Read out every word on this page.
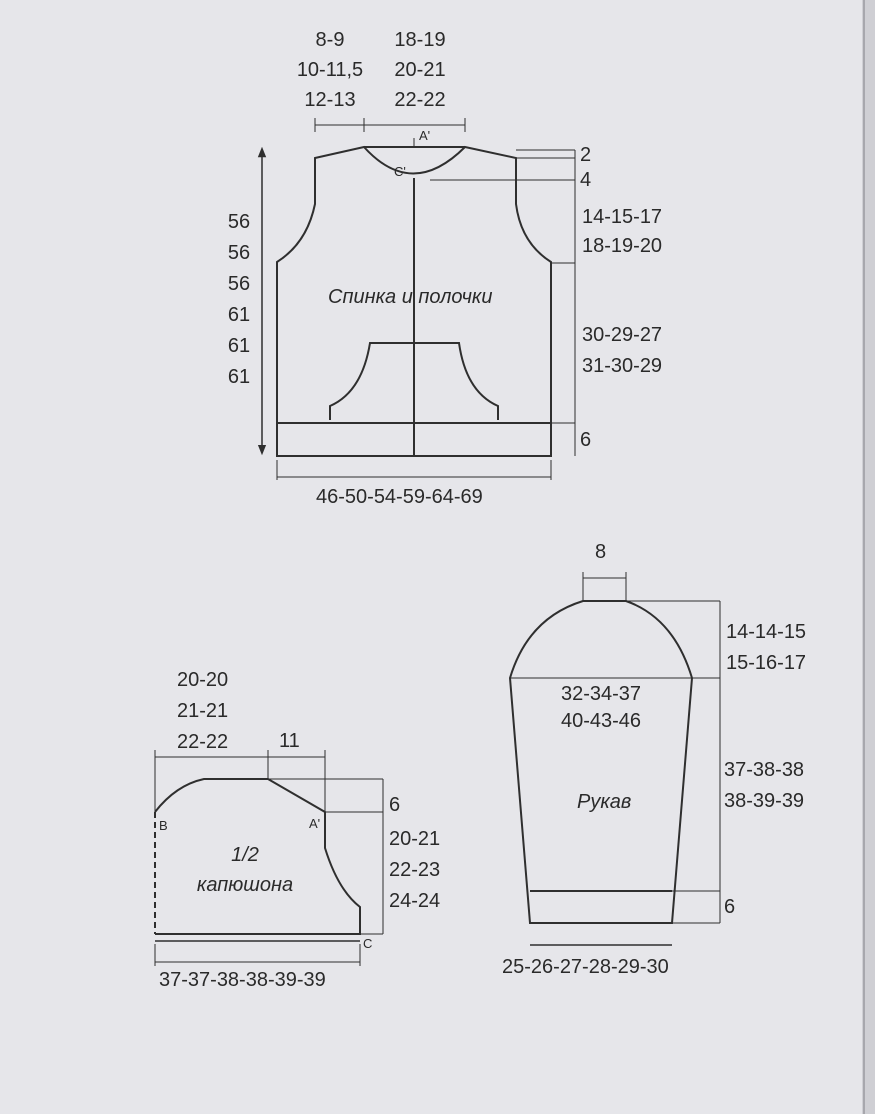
8-9
10-11,5
12-13
18-19
20-21
22-22
A'
C'
2
4
56
56
56
61
61
61
14-15-17
18-19-20
30-29-27
31-30-29
6
Спинка и полочки
46-50-54-59-64-69
8
14-14-15
15-16-17
32-34-37
40-43-46
37-38-38
38-39-39
Рукав
6
25-26-27-28-29-30
20-20
21-21
22-22	11
B	A'
C
6
20-21
22-23
24-24
1/2
капюшона
37-37-38-38-39-39
